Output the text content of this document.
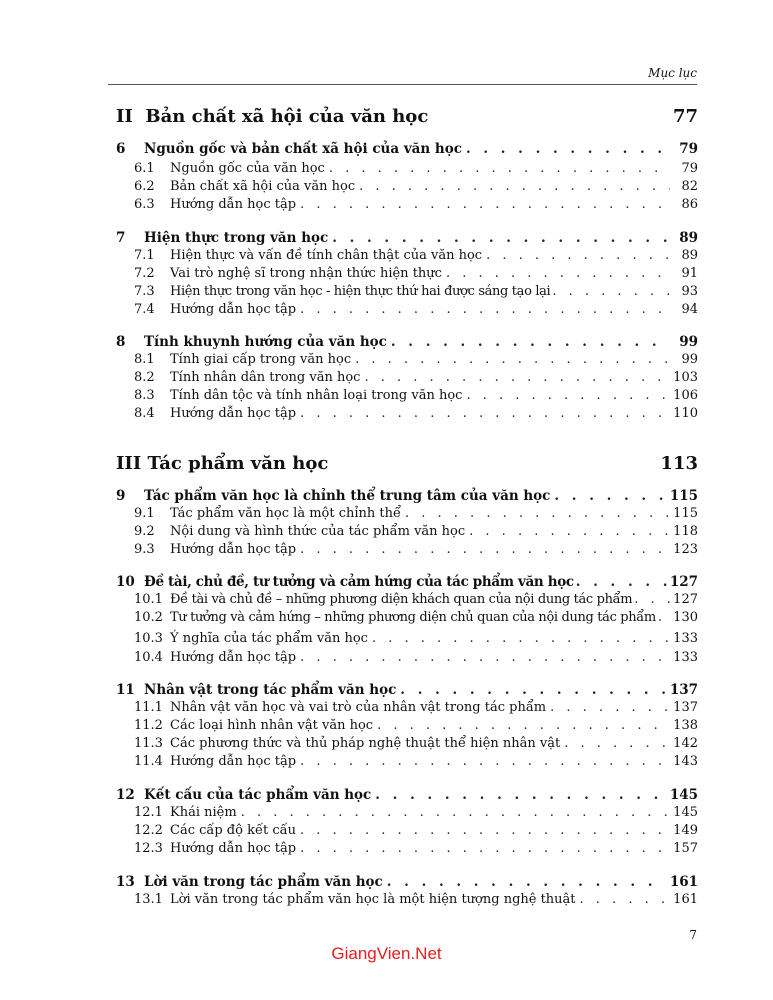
Mục lục
II Bản chất xã hội của văn học	77
6	Nguồn gốc và bản chất xã hội của văn học . . .	79
6.1	Nguồn gốc của văn học . . .	79
6.2	Bản chất xã hội của văn học . . .	82
6.3	Hướng dẫn học tập . . .	86
7	Hiện thực trong văn học . . .	89
7.1	Hiện thực và vấn đề tính chân thật của văn học . . .	89
7.2	Vai trò nghệ sĩ trong nhận thức hiện thực . . .	91
7.3	Hiện thực trong văn học - hiện thực thứ hai được sáng tạo lại . . .	93
7.4	Hướng dẫn học tập . . .	94
8	Tính khuynh hướng của văn học . . .	99
8.1	Tính giai cấp trong văn học . . .	99
8.2	Tính nhân dân trong văn học . . .	103
8.3	Tính dân tộc và tính nhân loại trong văn học . . .	106
8.4	Hướng dẫn học tập . . .	110
III Tác phẩm văn học	113
9	Tác phẩm văn học là chỉnh thể trung tâm của văn học . . .	115
9.1	Tác phẩm văn học là một chỉnh thể . . .	115
9.2	Nội dung và hình thức của tác phẩm văn học . . .	118
9.3	Hướng dẫn học tập . . .	123
10 Đề tài, chủ đề, tư tưởng và cảm hứng của tác phẩm văn học . . .	127
10.1 Đề tài và chủ đề – những phương diện khách quan của nội dung tác phẩm . . .	127
10.2 Tư tưởng và cảm hứng – những phương diện chủ quan của nội dung tác phẩm . . . 130
10.3 Ý nghĩa của tác phẩm văn học . . .	133
10.4 Hướng dẫn học tập . . .	133
11 Nhân vật trong tác phẩm văn học . . .	137
11.1 Nhân vật văn học và vai trò của nhân vật trong tác phẩm . . .	137
11.2 Các loại hình nhân vật văn học . . .	138
11.3 Các phương thức và thủ pháp nghệ thuật thể hiện nhân vật . . .	142
11.4 Hướng dẫn học tập . . .	143
12 Kết cấu của tác phẩm văn học . . .	145
12.1 Khái niệm . . .	145
12.2 Các cấp độ kết cấu . . .	149
12.3 Hướng dẫn học tập . . .	157
13 Lời văn trong tác phẩm văn học . . .	161
13.1 Lời văn trong tác phẩm văn học là một hiện tượng nghệ thuật . . .	161
7
GiangVien.Net
